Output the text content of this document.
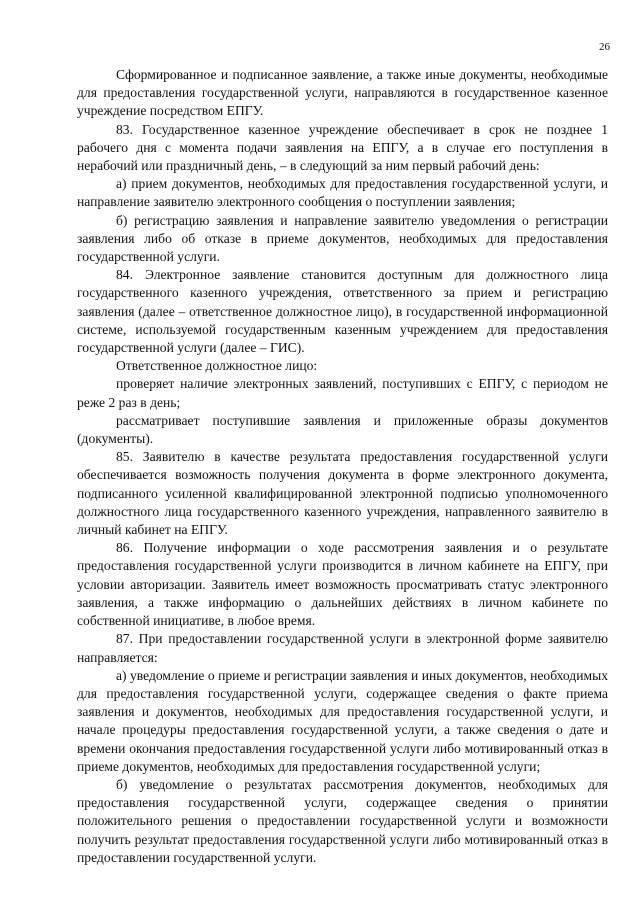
26

Сформированное и подписанное заявление, а также иные документы, необходимые для предоставления государственной услуги, направляются в государственное казенное учреждение посредством ЕПГУ.

83. Государственное казенное учреждение обеспечивает в срок не позднее 1 рабочего дня с момента подачи заявления на ЕПГУ, а в случае его поступления в нерабочий или праздничный день, – в следующий за ним первый рабочий день:

а) прием документов, необходимых для предоставления государственной услуги, и направление заявителю электронного сообщения о поступлении заявления;

б) регистрацию заявления и направление заявителю уведомления о регистрации заявления либо об отказе в приеме документов, необходимых для предоставления государственной услуги.

84. Электронное заявление становится доступным для должностного лица государственного казенного учреждения, ответственного за прием и регистрацию заявления (далее – ответственное должностное лицо), в государственной информационной системе, используемой государственным казенным учреждением для предоставления государственной услуги (далее – ГИС).

Ответственное должностное лицо:

проверяет наличие электронных заявлений, поступивших с ЕПГУ, с периодом не реже 2 раз в день;

рассматривает поступившие заявления и приложенные образы документов (документы).

85. Заявителю в качестве результата предоставления государственной услуги обеспечивается возможность получения документа в форме электронного документа, подписанного усиленной квалифицированной электронной подписью уполномоченного должностного лица государственного казенного учреждения, направленного заявителю в личный кабинет на ЕПГУ.

86. Получение информации о ходе рассмотрения заявления и о результате предоставления государственной услуги производится в личном кабинете на ЕПГУ, при условии авторизации. Заявитель имеет возможность просматривать статус электронного заявления, а также информацию о дальнейших действиях в личном кабинете по собственной инициативе, в любое время.

87. При предоставлении государственной услуги в электронной форме заявителю направляется:

а) уведомление о приеме и регистрации заявления и иных документов, необходимых для предоставления государственной услуги, содержащее сведения о факте приема заявления и документов, необходимых для предоставления государственной услуги, и начале процедуры предоставления государственной услуги, а также сведения о дате и времени окончания предоставления государственной услуги либо мотивированный отказ в приеме документов, необходимых для предоставления государственной услуги;

б) уведомление о результатах рассмотрения документов, необходимых для предоставления государственной услуги, содержащее сведения о принятии положительного решения о предоставлении государственной услуги и возможности получить результат предоставления государственной услуги либо мотивированный отказ в предоставлении государственной услуги.
